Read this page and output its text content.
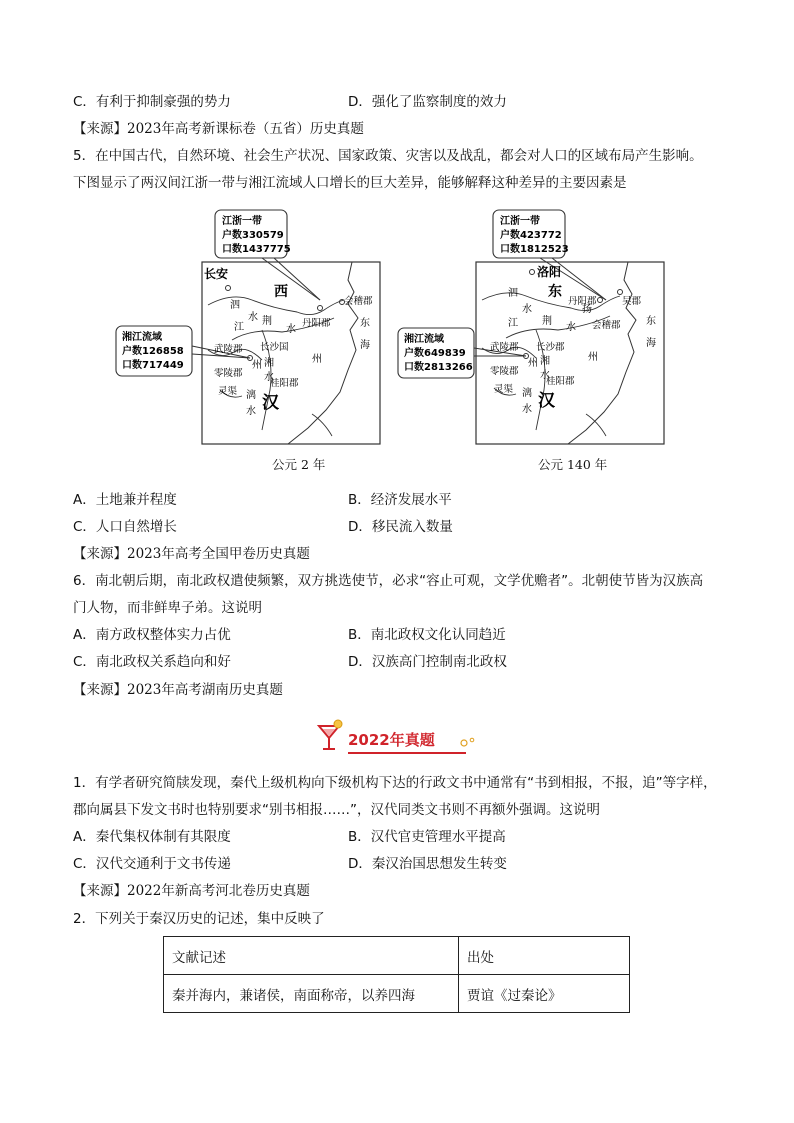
C．有利于抑制豪强的势力	D．强化了监察制度的效力
【来源】2023年高考新课标卷（五省）历史真题
5．在中国古代，自然环境、社会生产状况、国家政策、灾害以及战乱，都会对人口的区域布局产生影响。
下图显示了两汉间江浙一带与湘江流域人口增长的巨大差异，能够解释这种差异的主要因素是
江浙一带
户数330579
口数1437775
湘江流域
户数126858
口数717449
长安
西
汉
东
海
泗
水
江
荆
水
会稽郡
丹阳郡
武陵郡 长沙国
零陵郡
桂阳郡
灵渠
湘
水
州
州
漓
水
公元 2 年
江浙一带
户数423772
口数1812523
湘江流域
户数649839
口数2813266
洛阳
东
汉
东
海
泗
水
江 荆
水
吴郡
会稽郡
丹阳郡
武陵郡 长沙郡
零陵郡
桂阳郡
灵渠
湘
水
州
州
扬
漓
水
公元 140 年
A．土地兼并程度	B．经济发展水平
C．人口自然增长	D．移民流入数量
【来源】2023年高考全国甲卷历史真题
6．南北朝后期，南北政权遣使频繁，双方挑选使节，必求“容止可观，文学优赡者”。北朝使节皆为汉族高
门人物，而非鲜卑子弟。这说明
A．南方政权整体实力占优	B．南北政权文化认同趋近
C．南北政权关系趋向和好	D．汉族高门控制南北政权
【来源】2023年高考湖南历史真题
2022年真题
1．有学者研究简牍发现，秦代上级机构向下级机构下达的行政文书中通常有“书到相报，不报，追”等字样，
郡向属县下发文书时也特别要求“别书相报……”，汉代同类文书则不再额外强调。这说明
A．秦代集权体制有其限度	B．汉代官吏管理水平提高
C．汉代交通利于文书传递	D．秦汉治国思想发生转变
【来源】2022年新高考河北卷历史真题
2．下列关于秦汉历史的记述，集中反映了
文献记述	出处
秦并海内，兼诸侯，南面称帝，以养四海	贾谊《过秦论》
